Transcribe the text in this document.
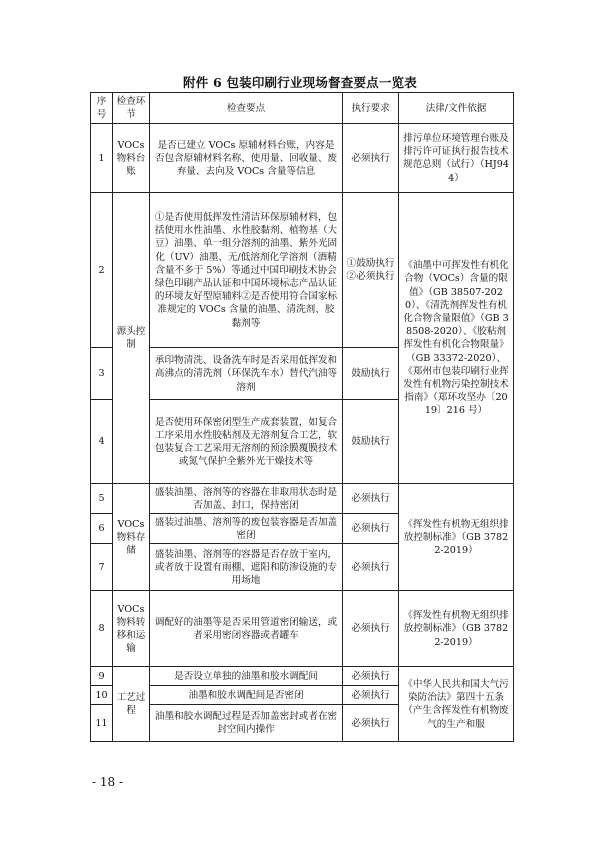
附件 6 包装印刷行业现场督查要点一览表
序号	检查环节	检查要点	执行要求	法律/文件依据
1	VOCs物料台账	是否已建立 VOCs 原辅材料台账，内容是否包含原辅材料名称、使用量、回收量、废弃量、去向及 VOCs 含量等信息	必须执行	排污单位环境管理台账及排污许可证执行报告技术规范总则（试行）（HJ944）
2	源头控制	①是否使用低挥发性清洁环保原辅材料，包括使用水性油墨、水性胶黏剂、植物基（大豆）油墨、单一组分溶剂的油墨、紫外光固化（UV）油墨、无/低溶剂化学溶剂（酒精含量不多于 5%）等通过中国印刷技术协会绿色印刷产品认证和中国环境标志产品认证的环境友好型原辅料②是否使用符合国家标准规定的 VOCs 含量的油墨、清洗剂、胶黏剂等	①鼓励执行②必须执行	《油墨中可挥发性有机化合物（VOCs）含量的限值》（GB 38507-2020）、《清洗剂挥发性有机化合物含量限值》（GB 38508-2020）、《胶粘剂挥发性有机化合物限量》（GB 33372-2020）、《郑州市包装印刷行业挥发性有机物污染控制技术指南》（郑环攻坚办〔2019〕216 号）
3		承印物清洗、设备洗车时是否采用低挥发和高沸点的清洗剂（环保洗车水）替代汽油等溶剂	鼓励执行	
4		是否使用环保密闭型生产成套装置，如复合工序采用水性胶粘剂及无溶剂复合工艺，软包装复合工艺采用无溶剂的预涂膜覆膜技术或氮气保护全紫外光干燥技术等	鼓励执行	
5	VOCs物料存储	盛装油墨、溶剂等的容器在非取用状态时是否加盖、封口，保持密闭	必须执行	《挥发性有机物无组织排放控制标准》（GB 37822-2019）
6		盛装过油墨、溶剂等的废包装容器是否加盖密闭	必须执行	
7		盛装油墨、溶剂等的容器是否存放于室内，或者放于设置有雨棚、遮阳和防渗设施的专用场地	必须执行	
8	VOCs物料转移和运输	调配好的油墨等是否采用管道密闭输送，或者采用密闭容器或者罐车	必须执行	《挥发性有机物无组织排放控制标准》（GB 37822-2019）
9	工艺过程	是否设立单独的油墨和胶水调配间	必须执行	《中华人民共和国大气污染防治法》第四十五条（产生含挥发性有机物废气的生产和服
10		油墨和胶水调配间是否密闭	必须执行	
11		油墨和胶水调配过程是否加盖密封或者在密封空间内操作	必须执行	
- 18 -
